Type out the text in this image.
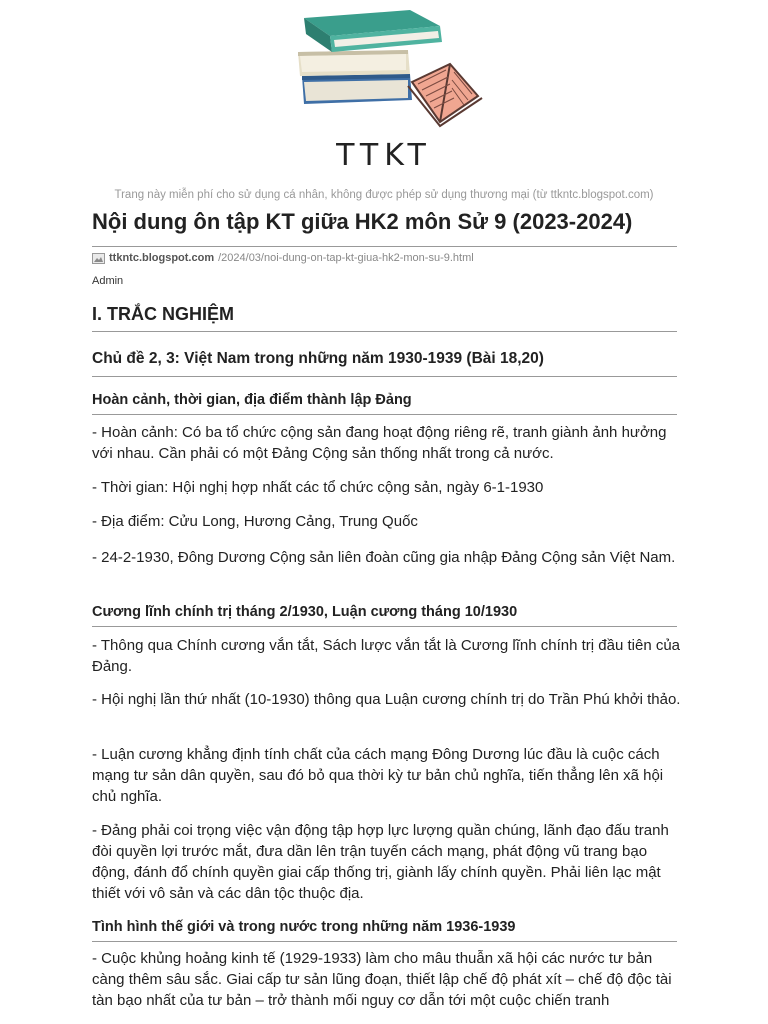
TTKT
Trang này miễn phí cho sử dụng cá nhân, không được phép sử dụng thương mại (từ ttkntc.blogspot.com)
Nội dung ôn tập KT giữa HK2 môn Sử 9 (2023-2024)
ttkntc.blogspot.com /2024/03/noi-dung-on-tap-kt-giua-hk2-mon-su-9.html
Admin
I. TRẮC NGHIỆM
Chủ đề 2, 3: Việt Nam trong những năm 1930-1939 (Bài 18,20)
Hoàn cảnh, thời gian, địa điểm thành lập Đảng

- Hoàn cảnh: Có ba tổ chức cộng sản đang hoạt động riêng rẽ, tranh giành ảnh hưởng với nhau. Cần phải có một Đảng Cộng sản thống nhất trong cả nước.

- Thời gian: Hội nghị hợp nhất các tổ chức cộng sản, ngày 6-1-1930

- Địa điểm: Cửu Long, Hương Cảng, Trung Quốc

- 24-2-1930, Đông Dương Cộng sản liên đoàn cũng gia nhập Đảng Cộng sản Việt Nam.

Cương lĩnh chính trị tháng 2/1930, Luận cương tháng 10/1930

- Thông qua Chính cương vắn tắt, Sách lược vắn tắt là Cương lĩnh chính trị đầu tiên của Đảng.

- Hội nghị lần thứ nhất (10-1930) thông qua Luận cương chính trị do Trần Phú khởi thảo.

- Luận cương khẳng định tính chất của cách mạng Đông Dương lúc đầu là cuộc cách mạng tư sản dân quyền, sau đó bỏ qua thời kỳ tư bản chủ nghĩa, tiến thẳng lên xã hội chủ nghĩa.

- Đảng phải coi trọng việc vận động tập hợp lực lượng quần chúng, lãnh đạo đấu tranh đòi quyền lợi trước mắt, đưa dần lên trận tuyến cách mạng, phát động vũ trang bạo động, đánh đổ chính quyền giai cấp thống trị, giành lấy chính quyền. Phải liên lạc mật thiết với vô sản và các dân tộc thuộc địa.

Tình hình thế giới và trong nước trong những năm 1936-1939

- Cuộc khủng hoảng kinh tế (1929-1933) làm cho mâu thuẫn xã hội các nước tư bản càng thêm sâu sắc. Giai cấp tư sản lũng đoạn, thiết lập chế độ phát xít – chế độ độc tài tàn bạo nhất của tư bản – trở thành mối nguy cơ dẫn tới một cuộc chiến tranh
